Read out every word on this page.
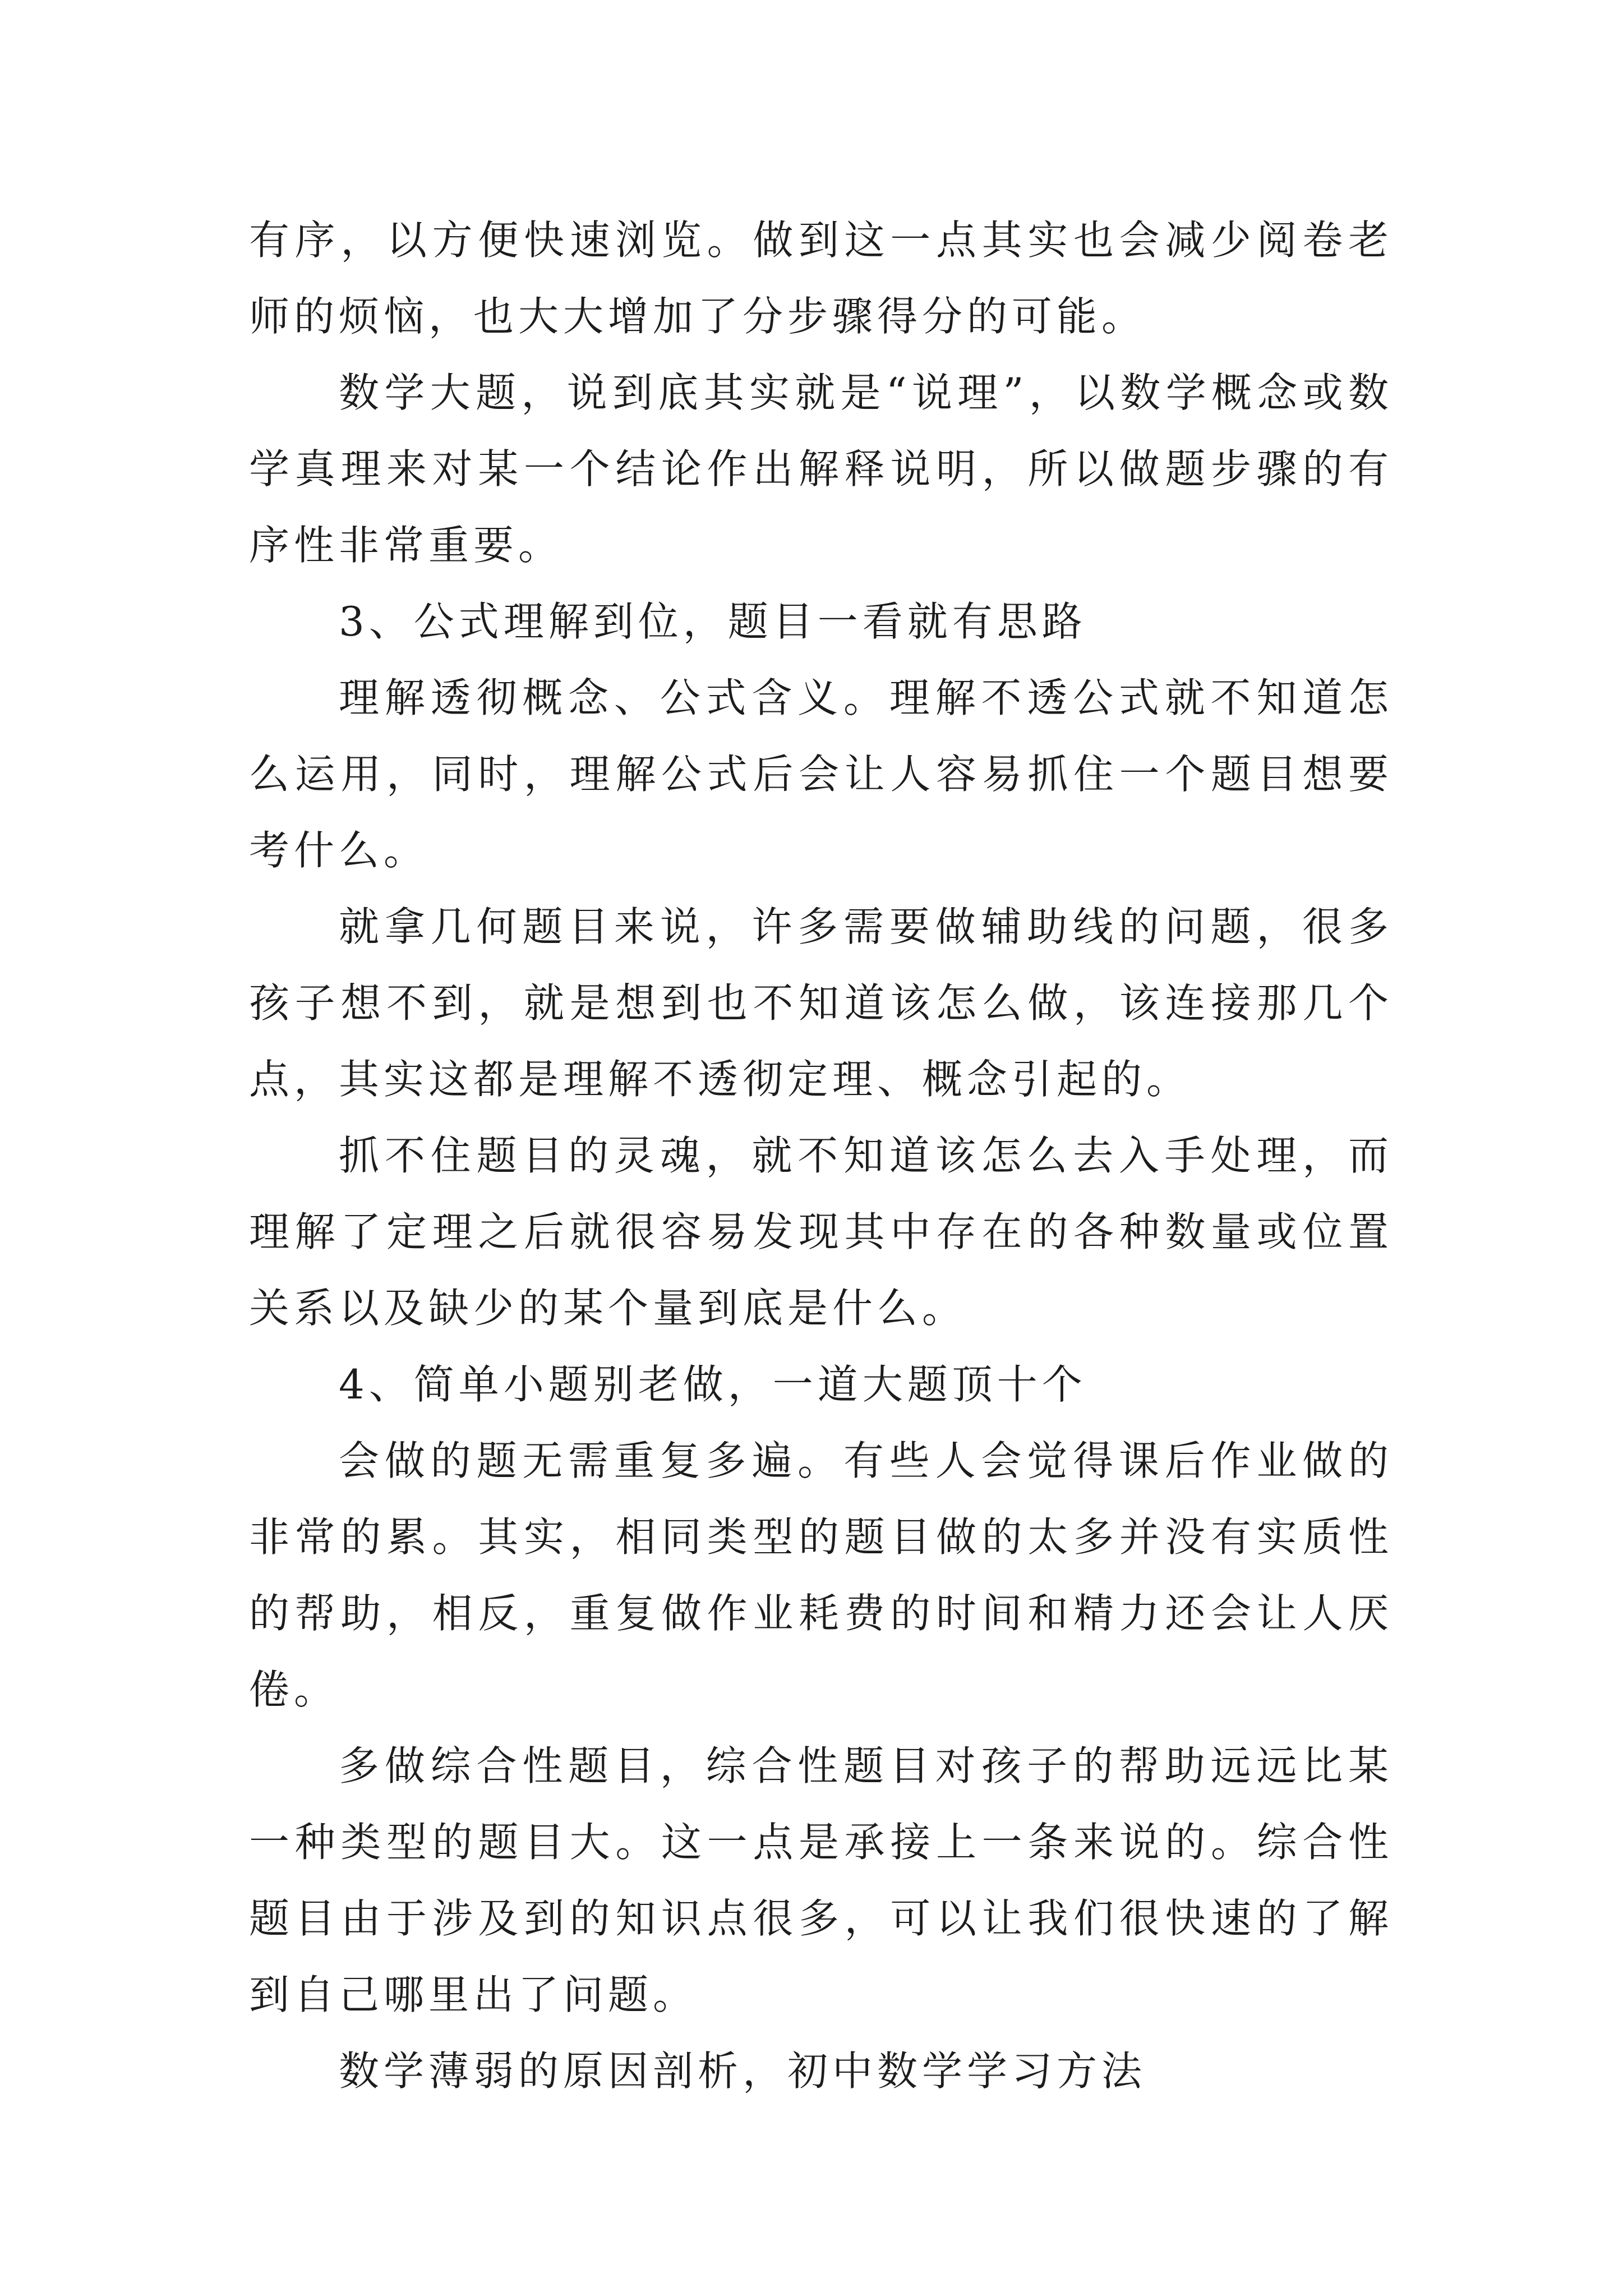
有序，以方便快速浏览。做到这一点其实也会减少阅卷老师的烦恼，也大大增加了分步骤得分的可能。

数学大题，说到底其实就是“说理”，以数学概念或数学真理来对某一个结论作出解释说明，所以做题步骤的有序性非常重要。

3、公式理解到位，题目一看就有思路

理解透彻概念、公式含义。理解不透公式就不知道怎么运用，同时，理解公式后会让人容易抓住一个题目想要考什么。

就拿几何题目来说，许多需要做辅助线的问题，很多孩子想不到，就是想到也不知道该怎么做，该连接那几个点，其实这都是理解不透彻定理、概念引起的。

抓不住题目的灵魂，就不知道该怎么去入手处理，而理解了定理之后就很容易发现其中存在的各种数量或位置关系以及缺少的某个量到底是什么。

4、简单小题别老做，一道大题顶十个

会做的题无需重复多遍。有些人会觉得课后作业做的非常的累。其实，相同类型的题目做的太多并没有实质性的帮助，相反，重复做作业耗费的时间和精力还会让人厌倦。

多做综合性题目，综合性题目对孩子的帮助远远比某一种类型的题目大。这一点是承接上一条来说的。综合性题目由于涉及到的知识点很多，可以让我们很快速的了解到自己哪里出了问题。

数学薄弱的原因剖析，初中数学学习方法
